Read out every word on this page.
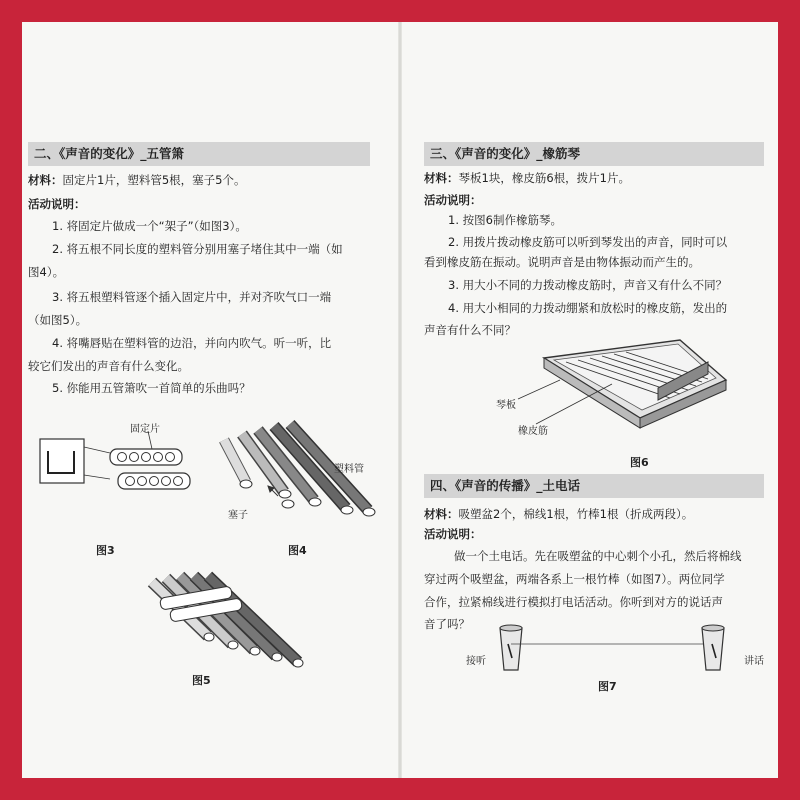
二、《声音的变化》_五管箫
材料：固定片1片，塑料管5根，塞子5个。
活动说明：
1. 将固定片做成一个“架子”（如图3）。
2. 将五根不同长度的塑料管分别用塞子堵住其中一端（如
图4）。
3. 将五根塑料管逐个插入固定片中，并对齐吹气口一端
（如图5）。
4. 将嘴唇贴在塑料管的边沿，并向内吹气。听一听，比
较它们发出的声音有什么变化。
5. 你能用五管箫吹一首简单的乐曲吗？
固定片
图3
塑料管
塞子
图4
图5
三、《声音的变化》_橡筋琴
材料：琴板1块，橡皮筋6根，拨片1片。
活动说明：
1. 按图6制作橡筋琴。
2. 用拨片拨动橡皮筋可以听到琴发出的声音，同时可以
看到橡皮筋在振动。说明声音是由物体振动而产生的。
3. 用大小不同的力拨动橡皮筋时，声音又有什么不同？
4. 用大小相同的力拨动绷紧和放松时的橡皮筋，发出的
声音有什么不同？
琴板
橡皮筋
图6
四、《声音的传播》_土电话
材料：吸塑盆2个，棉线1根，竹棒1根（折成两段）。
活动说明：
做一个土电话。先在吸塑盆的中心刺个小孔，然后将棉线
穿过两个吸塑盆，两端各系上一根竹棒（如图7）。两位同学
合作，拉紧棉线进行模拟打电话活动。你听到对方的说话声
音了吗？
接听	讲话
图7
